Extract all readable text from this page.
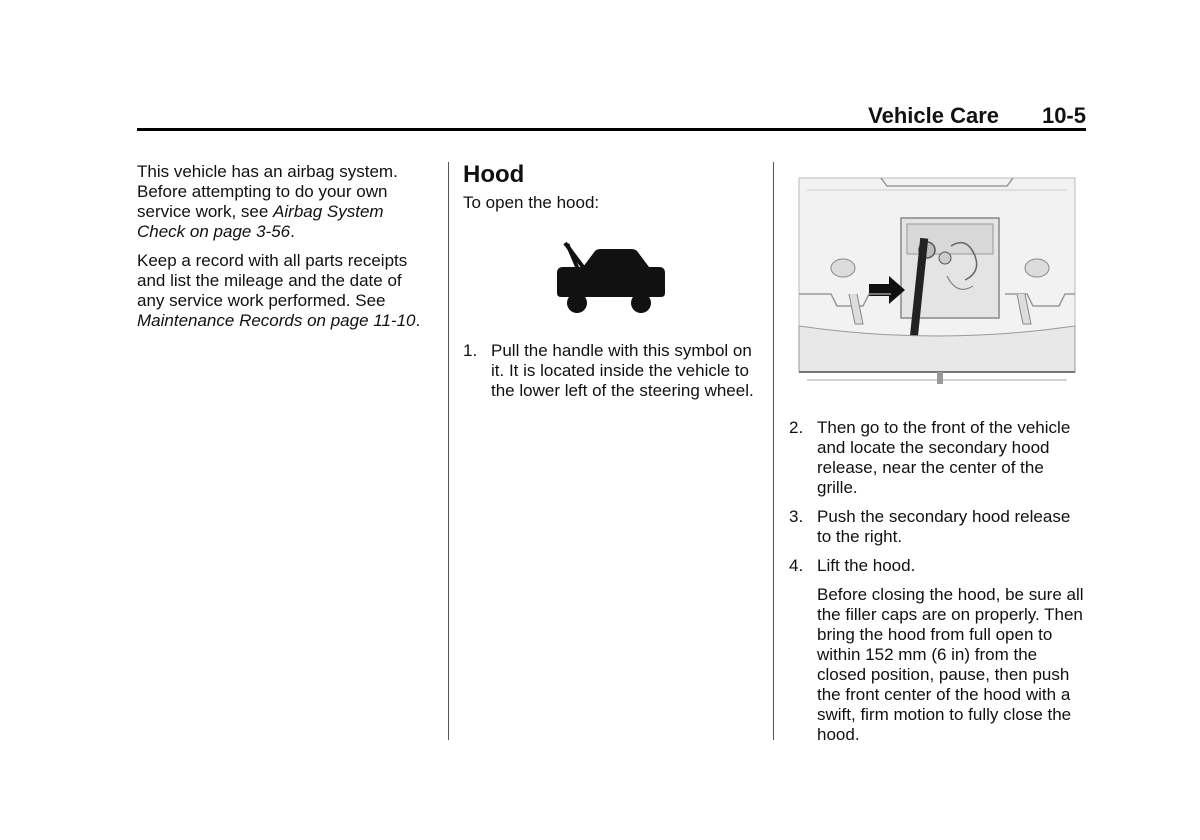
Vehicle Care 10-5

This vehicle has an airbag system. Before attempting to do your own service work, see Airbag System Check on page 3-56.

Keep a record with all parts receipts and list the mileage and the date of any service work performed. See Maintenance Records on page 11-10.

Hood

To open the hood:

1. Pull the handle with this symbol on it. It is located inside the vehicle to the lower left of the steering wheel.
2. Then go to the front of the vehicle and locate the secondary hood release, near the center of the grille.
3. Push the secondary hood release to the right.
4. Lift the hood.

Before closing the hood, be sure all the filler caps are on properly. Then bring the hood from full open to within 152 mm (6 in) from the closed position, pause, then push the front center of the hood with a swift, firm motion to fully close the hood.
